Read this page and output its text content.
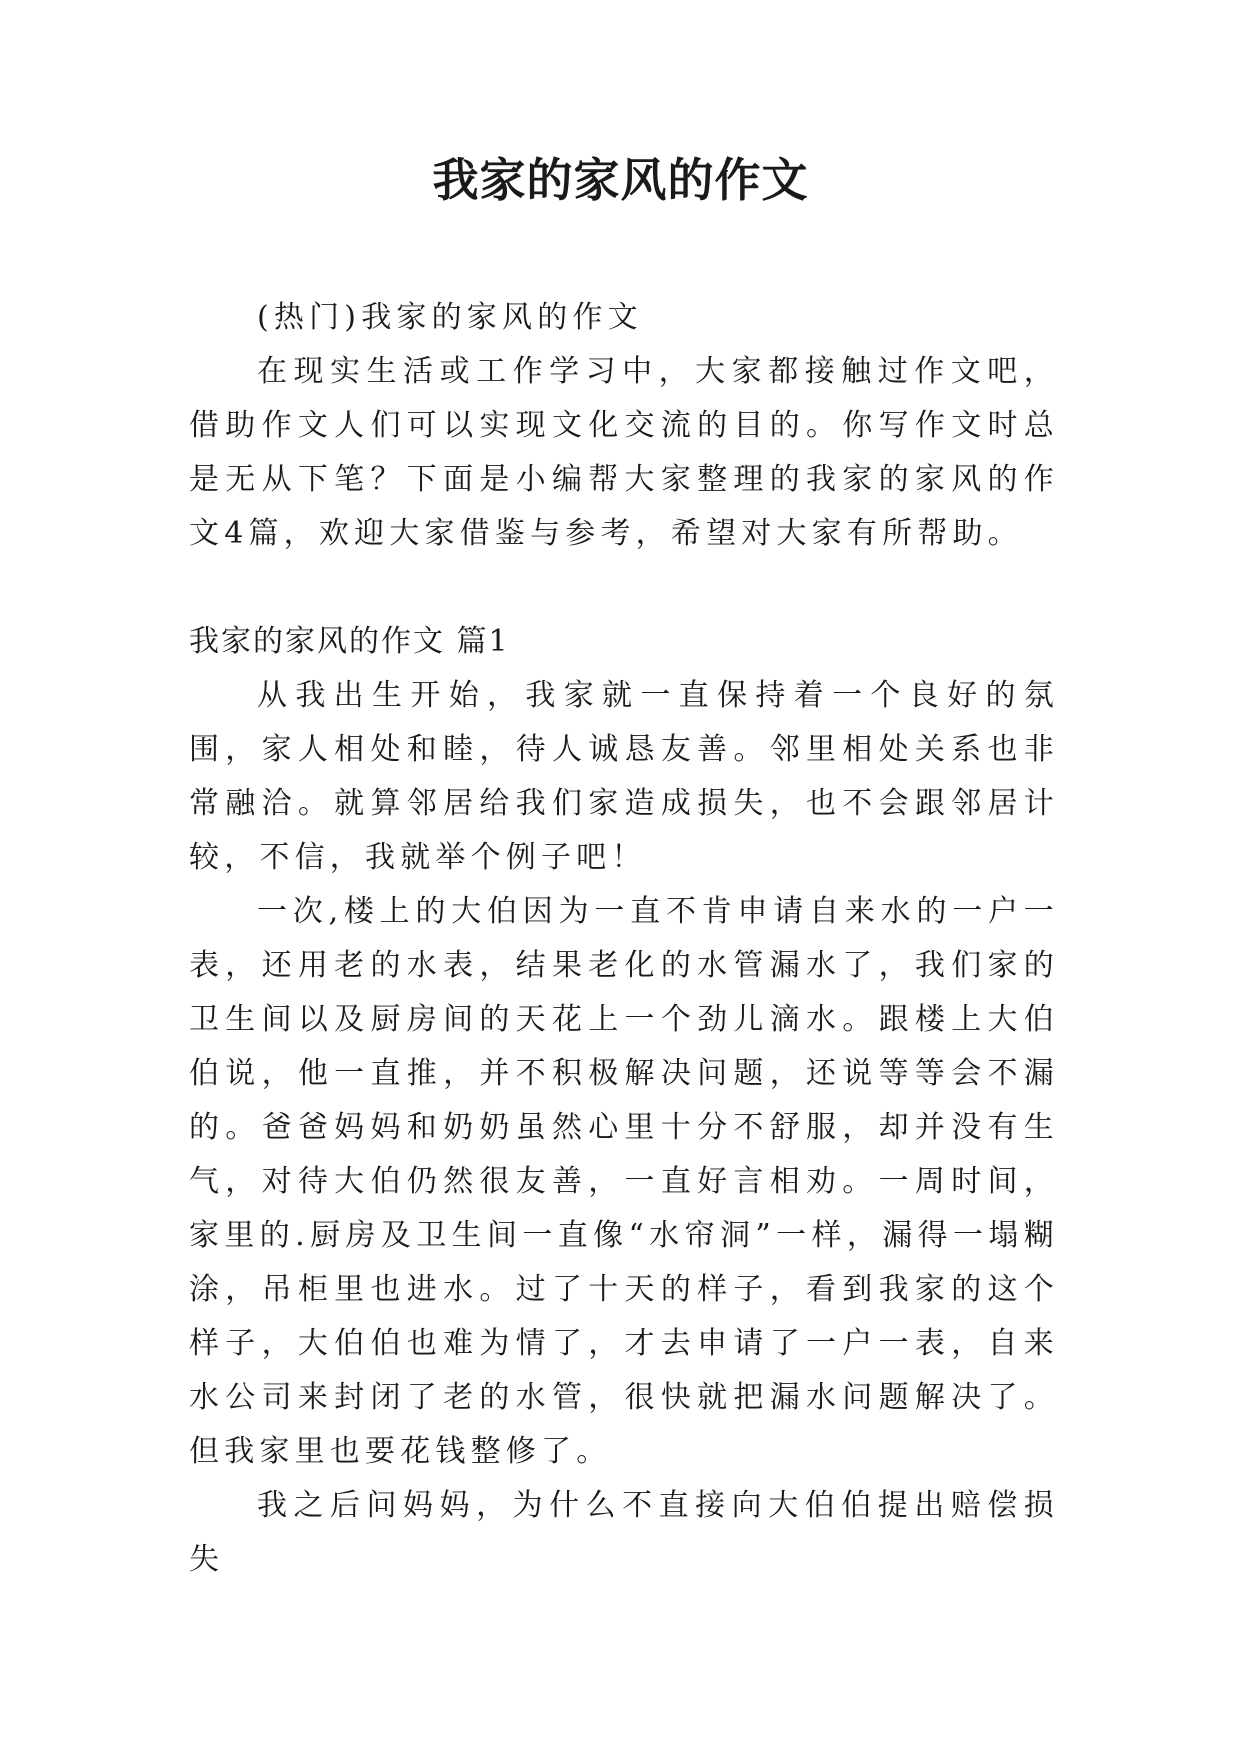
我家的家风的作文

(热门)我家的家风的作文

在现实生活或工作学习中，大家都接触过作文吧，借助作文人们可以实现文化交流的目的。你写作文时总是无从下笔？下面是小编帮大家整理的我家的家风的作文4篇，欢迎大家借鉴与参考，希望对大家有所帮助。

我家的家风的作文 篇1

从我出生开始，我家就一直保持着一个良好的氛围，家人相处和睦，待人诚恳友善。邻里相处关系也非常融洽。就算邻居给我们家造成损失，也不会跟邻居计较，不信，我就举个例子吧！

一次,楼上的大伯因为一直不肯申请自来水的一户一表，还用老的水表，结果老化的水管漏水了，我们家的卫生间以及厨房间的天花上一个劲儿滴水。跟楼上大伯伯说，他一直推，并不积极解决问题，还说等等会不漏的。爸爸妈妈和奶奶虽然心里十分不舒服，却并没有生气，对待大伯仍然很友善，一直好言相劝。一周时间，家里的.厨房及卫生间一直像“水帘洞”一样，漏得一塌糊涂，吊柜里也进水。过了十天的样子，看到我家的这个样子，大伯伯也难为情了，才去申请了一户一表，自来水公司来封闭了老的水管，很快就把漏水问题解决了。但我家里也要花钱整修了。

我之后问妈妈，为什么不直接向大伯伯提出赔偿损失
